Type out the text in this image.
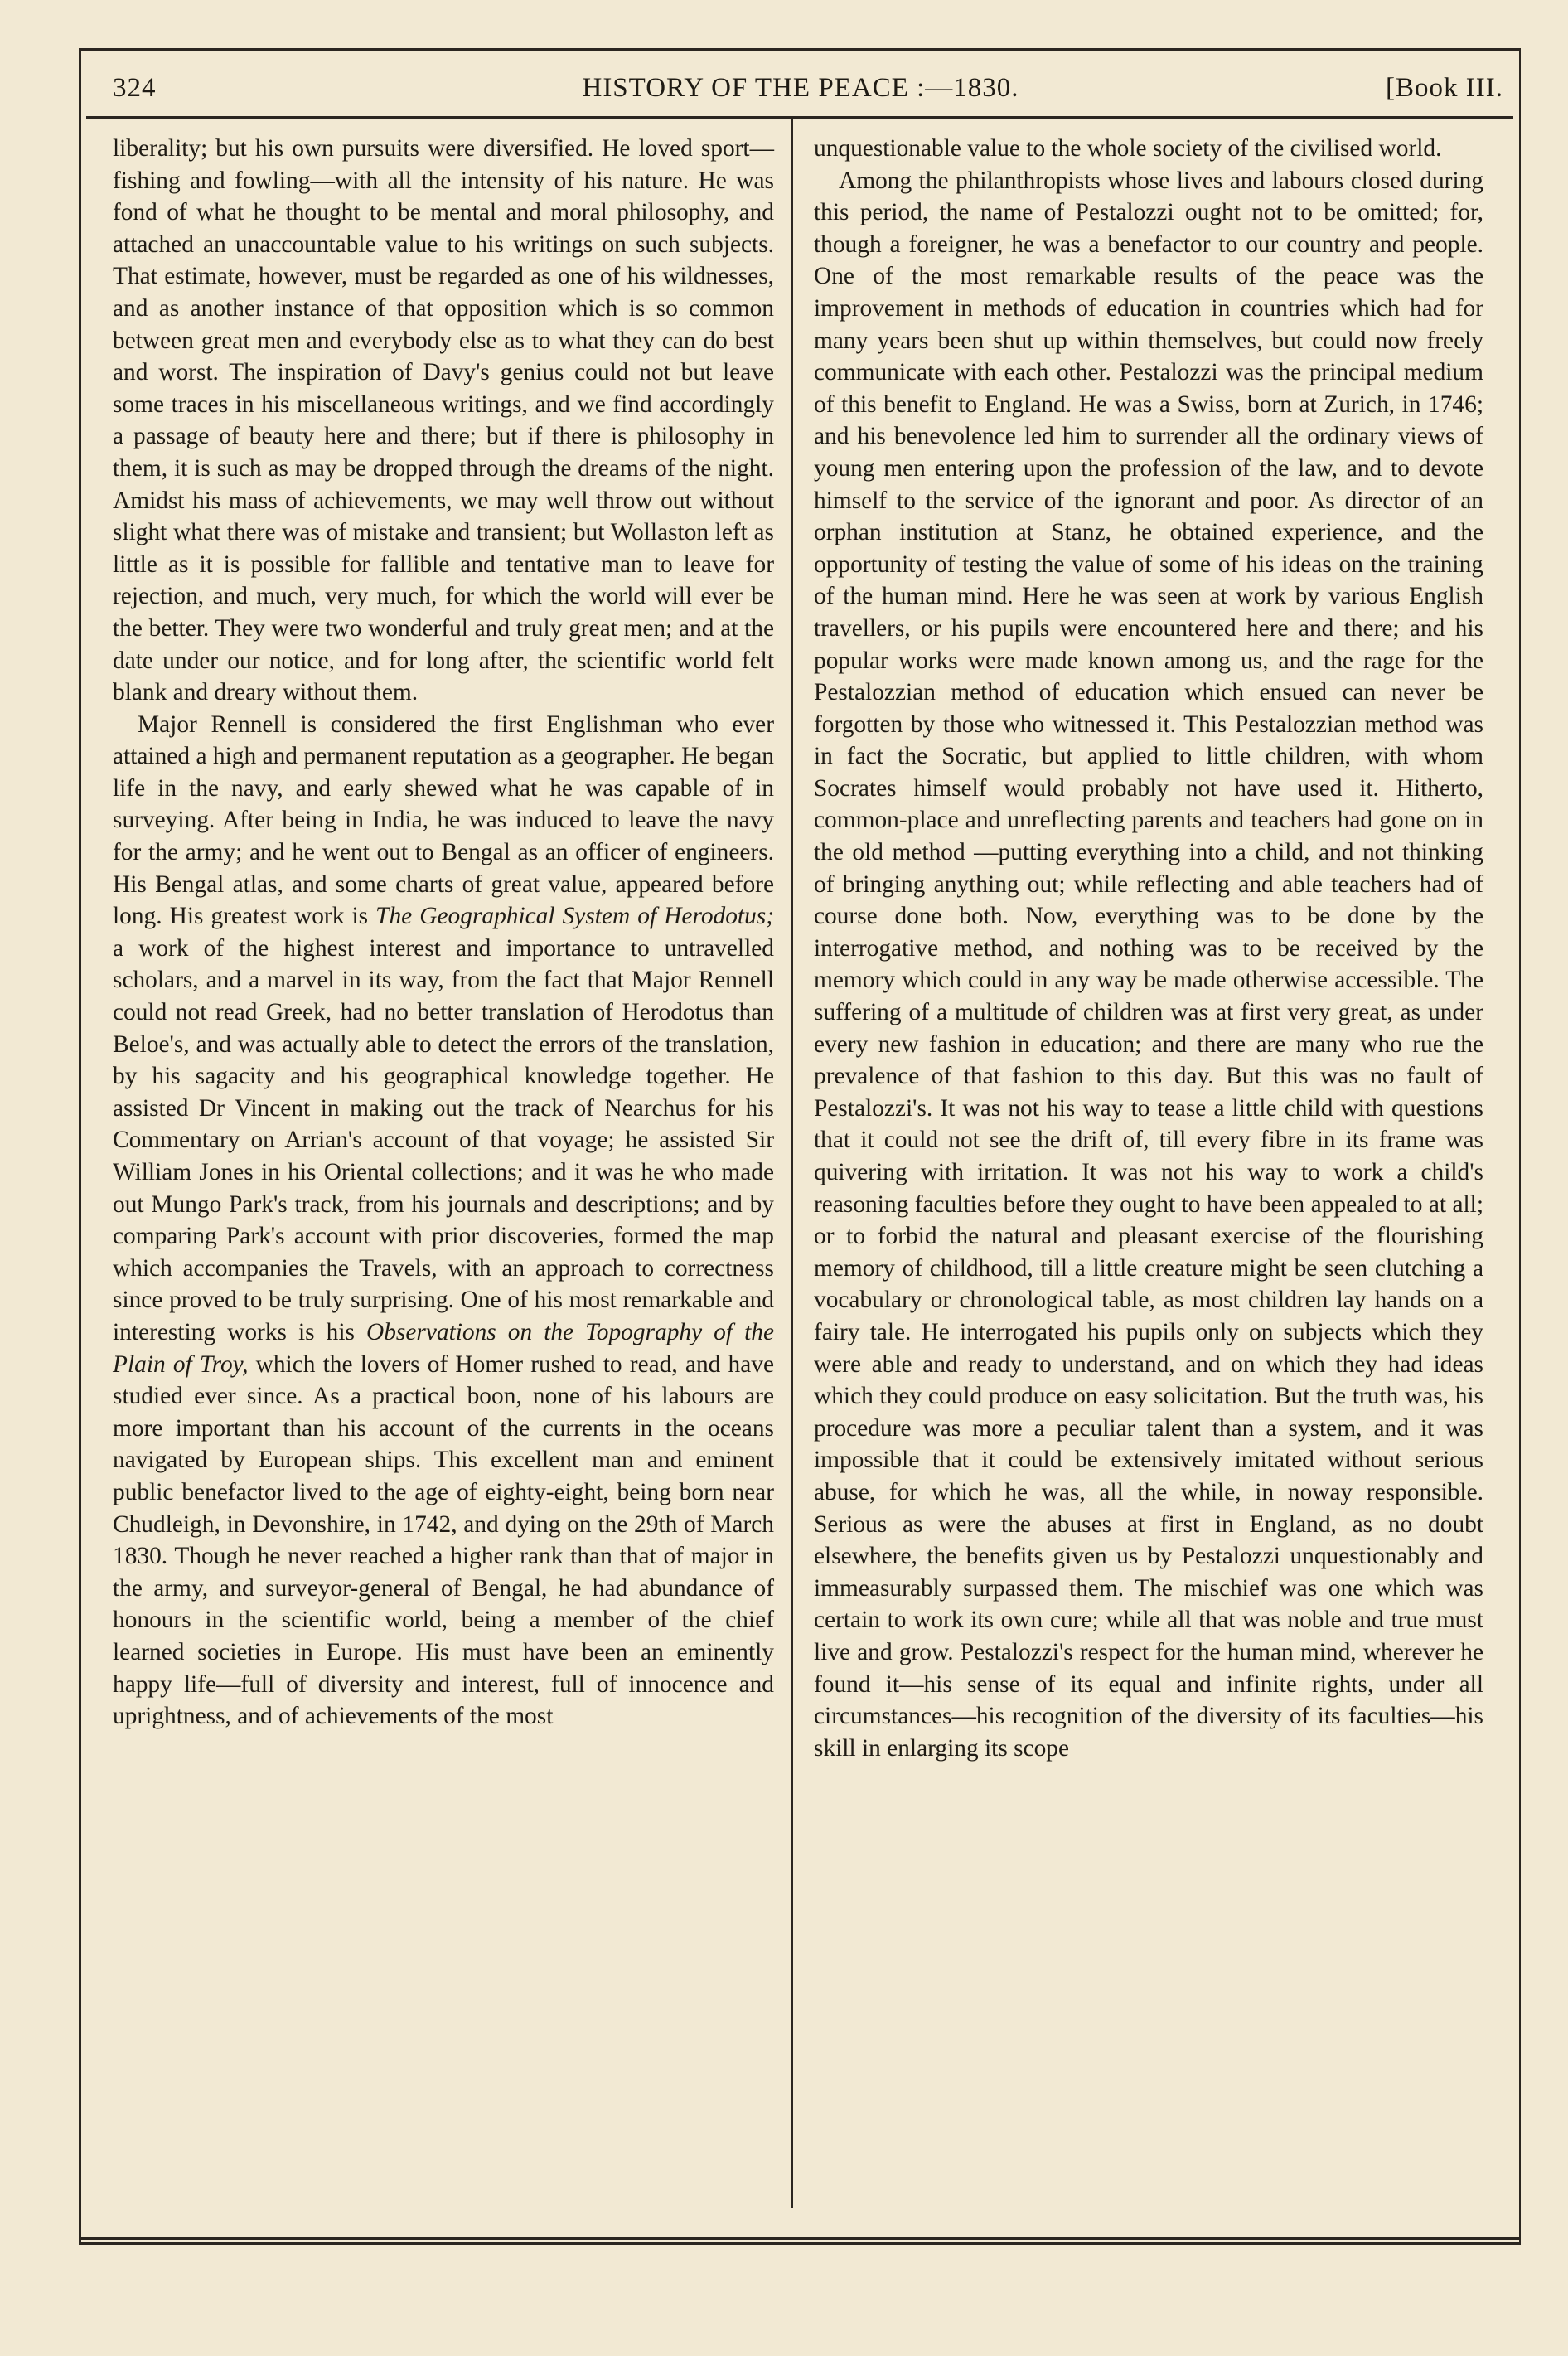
324	HISTORY OF THE PEACE :—1830.	[Book III.

liberality; but his own pursuits were diversified. He loved sport—fishing and fowling—with all the intensity of his nature. He was fond of what he thought to be mental and moral philosophy, and attached an unaccountable value to his writings on such subjects. That estimate, however, must be regarded as one of his wildnesses, and as another instance of that opposition which is so common between great men and everybody else as to what they can do best and worst. The inspiration of Davy's genius could not but leave some traces in his miscellaneous writings, and we find accordingly a passage of beauty here and there; but if there is philosophy in them, it is such as may be dropped through the dreams of the night. Amidst his mass of achievements, we may well throw out without slight what there was of mistake and transient; but Wollaston left as little as it is possible for fallible and tentative man to leave for rejection, and much, very much, for which the world will ever be the better. They were two wonderful and truly great men; and at the date under our notice, and for long after, the scientific world felt blank and dreary without them.

Major Rennell is considered the first Englishman who ever attained a high and permanent reputation as a geographer. He began life in the navy, and early shewed what he was capable of in surveying. After being in India, he was induced to leave the navy for the army; and he went out to Bengal as an officer of engineers. His Bengal atlas, and some charts of great value, appeared before long. His greatest work is The Geographical System of Herodotus; a work of the highest interest and importance to untravelled scholars, and a marvel in its way, from the fact that Major Rennell could not read Greek, had no better translation of Herodotus than Beloe's, and was actually able to detect the errors of the translation, by his sagacity and his geographical knowledge together. He assisted Dr Vincent in making out the track of Nearchus for his Commentary on Arrian's account of that voyage; he assisted Sir William Jones in his Oriental collections; and it was he who made out Mungo Park's track, from his journals and descriptions; and by comparing Park's account with prior discoveries, formed the map which accompanies the Travels, with an approach to correctness since proved to be truly surprising. One of his most remarkable and interesting works is his Observations on the Topography of the Plain of Troy, which the lovers of Homer rushed to read, and have studied ever since. As a practical boon, none of his labours are more important than his account of the currents in the oceans navigated by European ships. This excellent man and eminent public benefactor lived to the age of eighty-eight, being born near Chudleigh, in Devonshire, in 1742, and dying on the 29th of March 1830. Though he never reached a higher rank than that of major in the army, and surveyor-general of Bengal, he had abundance of honours in the scientific world, being a member of the chief learned societies in Europe. His must have been an eminently happy life—full of diversity and interest, full of innocence and uprightness, and of achievements of the most

unquestionable value to the whole society of the civilised world.

Among the philanthropists whose lives and labours closed during this period, the name of Pestalozzi ought not to be omitted; for, though a foreigner, he was a benefactor to our country and people. One of the most remarkable results of the peace was the improvement in methods of education in countries which had for many years been shut up within themselves, but could now freely communicate with each other. Pestalozzi was the principal medium of this benefit to England. He was a Swiss, born at Zurich, in 1746; and his benevolence led him to surrender all the ordinary views of young men entering upon the profession of the law, and to devote himself to the service of the ignorant and poor. As director of an orphan institution at Stanz, he obtained experience, and the opportunity of testing the value of some of his ideas on the training of the human mind. Here he was seen at work by various English travellers, or his pupils were encountered here and there; and his popular works were made known among us, and the rage for the Pestalozzian method of education which ensued can never be forgotten by those who witnessed it. This Pestalozzian method was in fact the Socratic, but applied to little children, with whom Socrates himself would probably not have used it. Hitherto, common-place and unreflecting parents and teachers had gone on in the old method —putting everything into a child, and not thinking of bringing anything out; while reflecting and able teachers had of course done both. Now, everything was to be done by the interrogative method, and nothing was to be received by the memory which could in any way be made otherwise accessible. The suffering of a multitude of children was at first very great, as under every new fashion in education; and there are many who rue the prevalence of that fashion to this day. But this was no fault of Pestalozzi's. It was not his way to tease a little child with questions that it could not see the drift of, till every fibre in its frame was quivering with irritation. It was not his way to work a child's reasoning faculties before they ought to have been appealed to at all; or to forbid the natural and pleasant exercise of the flourishing memory of childhood, till a little creature might be seen clutching a vocabulary or chronological table, as most children lay hands on a fairy tale. He interrogated his pupils only on subjects which they were able and ready to understand, and on which they had ideas which they could produce on easy solicitation. But the truth was, his procedure was more a peculiar talent than a system, and it was impossible that it could be extensively imitated without serious abuse, for which he was, all the while, in noway responsible. Serious as were the abuses at first in England, as no doubt elsewhere, the benefits given us by Pestalozzi unquestionably and immeasurably surpassed them. The mischief was one which was certain to work its own cure; while all that was noble and true must live and grow. Pestalozzi's respect for the human mind, wherever he found it—his sense of its equal and infinite rights, under all circumstances—his recognition of the diversity of its faculties—his skill in enlarging its scope
